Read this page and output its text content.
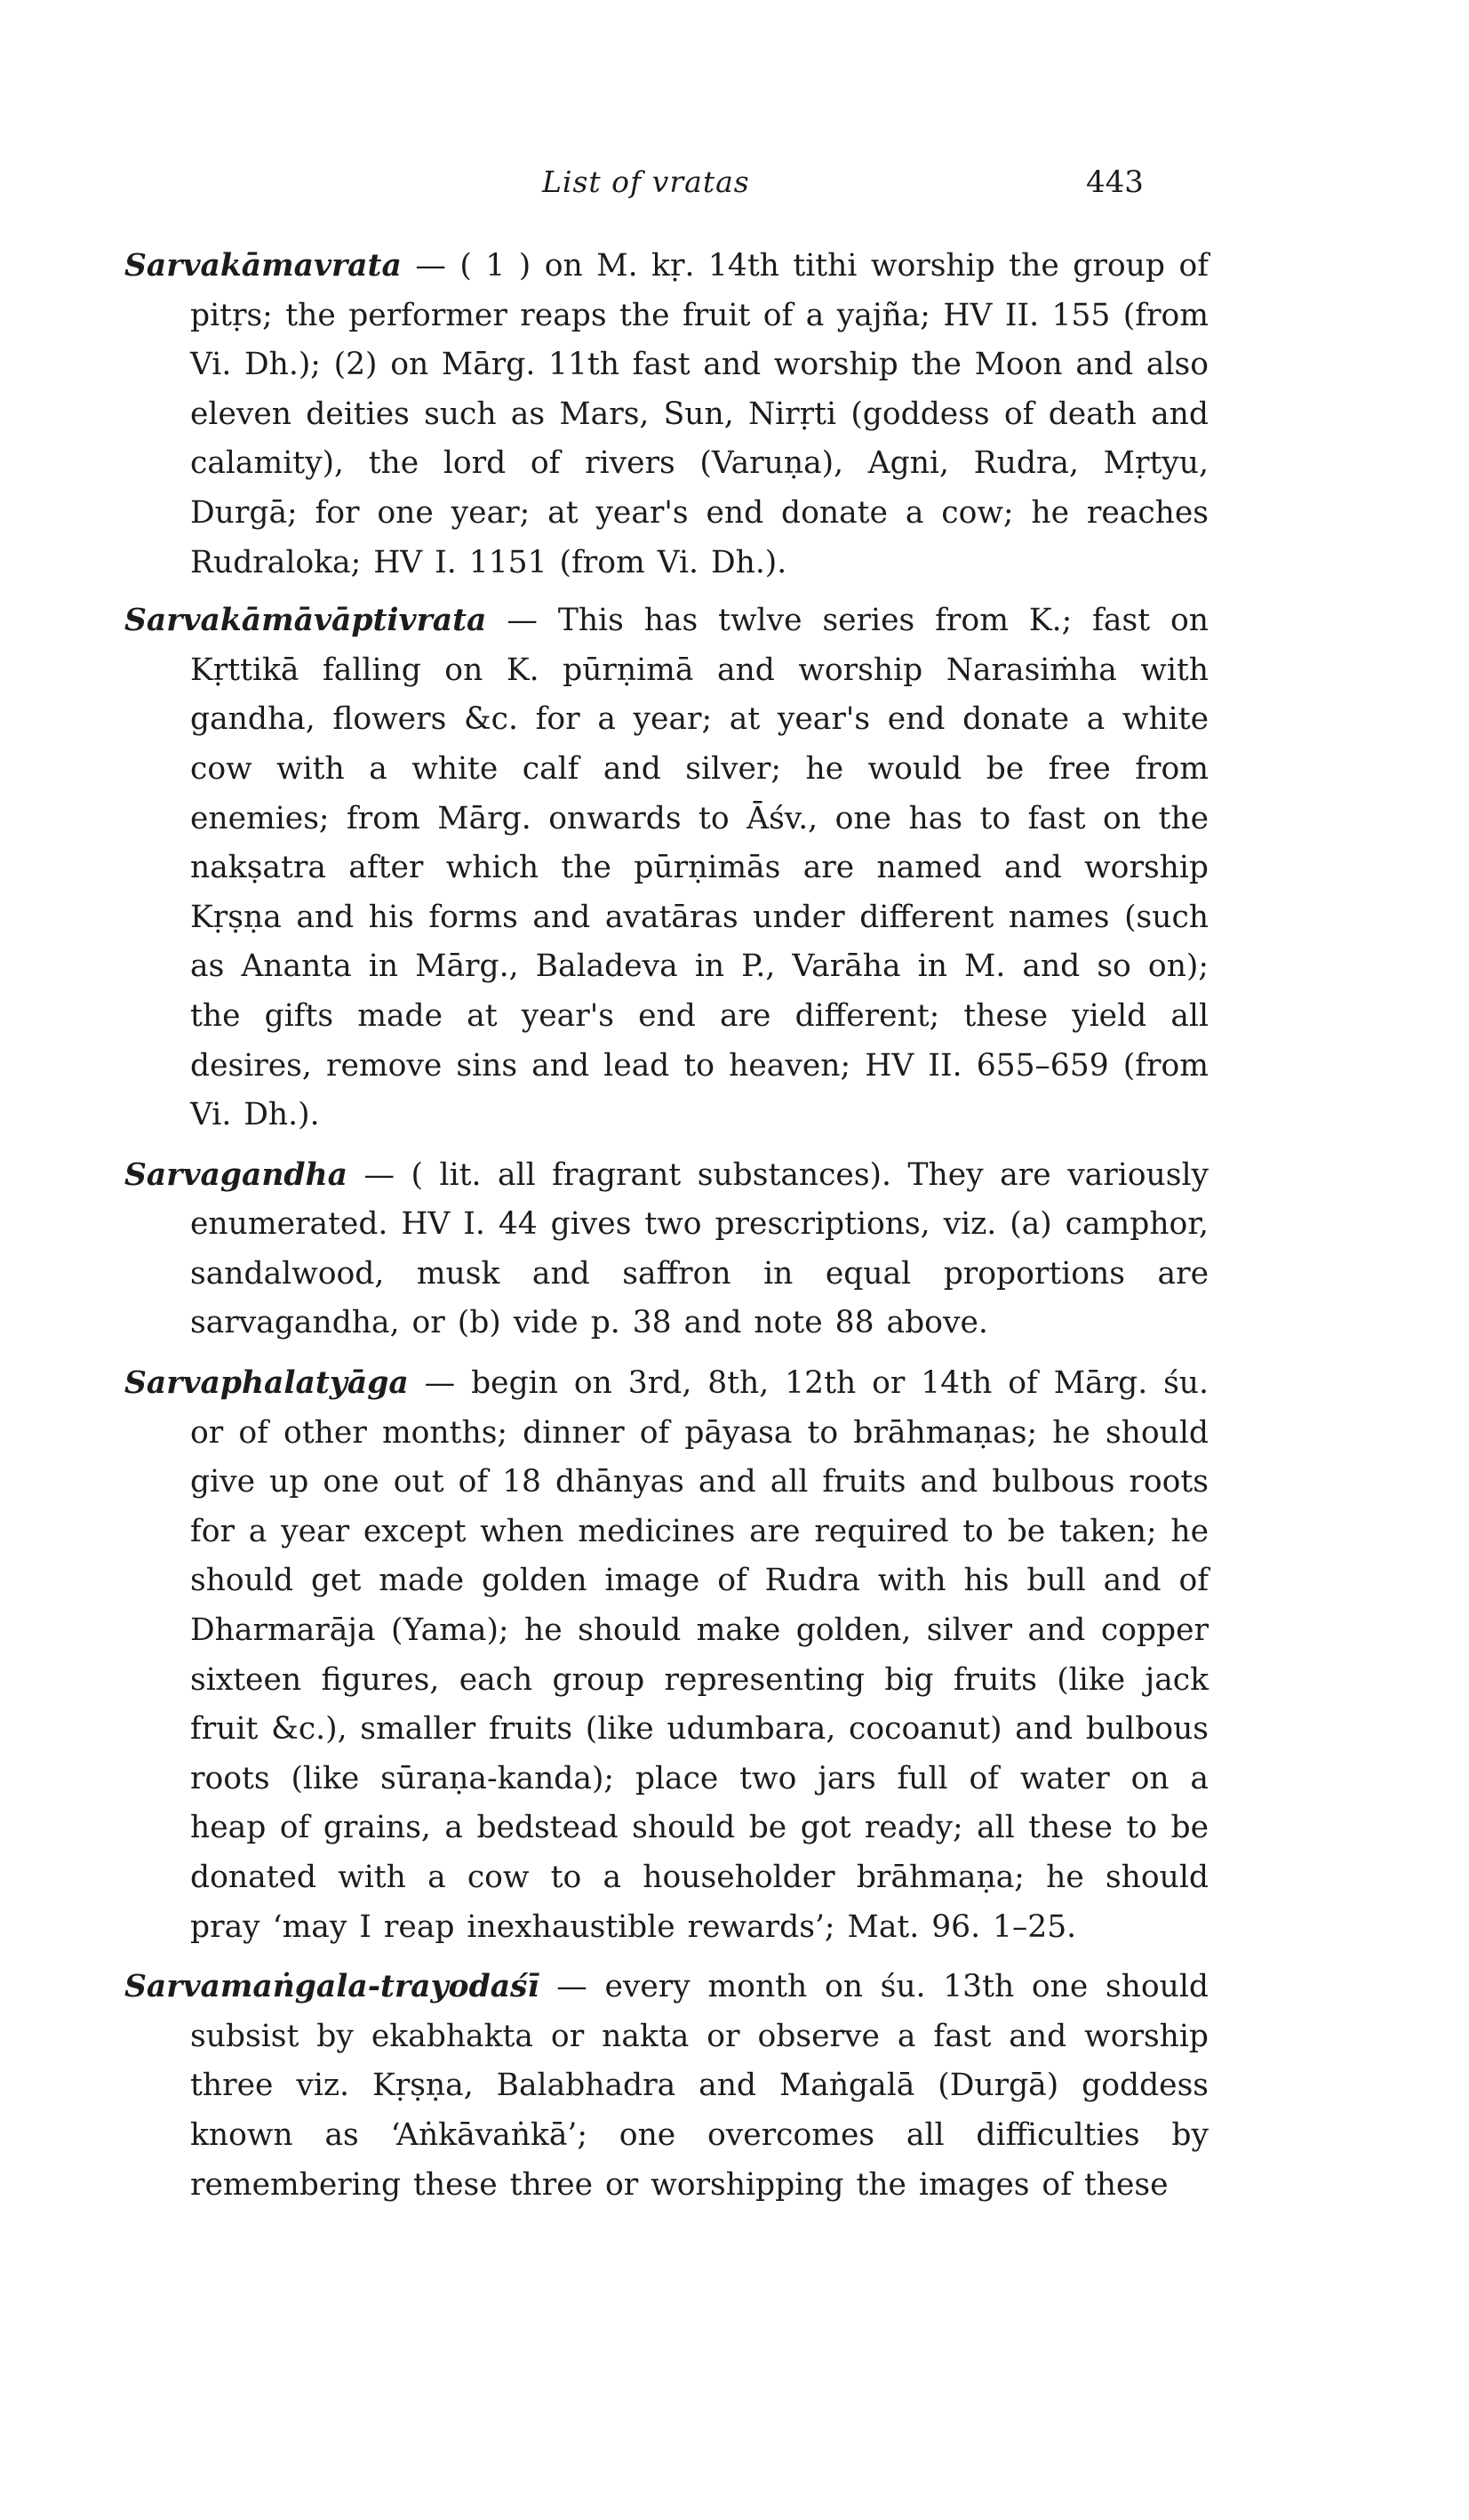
List of vratas	443

Sarvakāmavrata — ( 1 ) on M. kṛ. 14th tithi worship the group of pitṛs; the performer reaps the fruit of a yajña; HV II. 155 (from Vi. Dh.); (2) on Mārg. 11th fast and worship the Moon and also eleven deities such as Mars, Sun, Nirṛti (goddess of death and calamity), the lord of rivers (Varuṇa), Agni, Rudra, Mṛtyu, Durgā; for one year; at year's end donate a cow; he reaches Rudraloka; HV I. 1151 (from Vi. Dh.).

Sarvakāmāvāptivrata — This has twlve series from K.; fast on Kṛttikā falling on K. pūrṇimā and worship Narasiṁha with gandha, flowers &c. for a year; at year's end donate a white cow with a white calf and silver; he would be free from enemies; from Mārg. onwards to Āśv., one has to fast on the nakṣatra after which the pūrṇimās are named and worship Kṛṣṇa and his forms and avatāras under different names (such as Ananta in Mārg., Baladeva in P., Varāha in M. and so on); the gifts made at year's end are different; these yield all desires, remove sins and lead to heaven; HV II. 655–659 (from Vi. Dh.).

Sarvagandha — ( lit. all fragrant substances). They are variously enumerated. HV I. 44 gives two prescriptions, viz. (a) camphor, sandalwood, musk and saffron in equal proportions are sarvagandha, or (b) vide p. 38 and note 88 above.

Sarvaphalatyāga — begin on 3rd, 8th, 12th or 14th of Mārg. śu. or of other months; dinner of pāyasa to brāhmaṇas; he should give up one out of 18 dhānyas and all fruits and bulbous roots for a year except when medicines are required to be taken; he should get made golden image of Rudra with his bull and of Dharmarāja (Yama); he should make golden, silver and copper sixteen figures, each group representing big fruits (like jack fruit &c.), smaller fruits (like udumbara, cocoanut) and bulbous roots (like sūraṇa-kanda); place two jars full of water on a heap of grains, a bedstead should be got ready; all these to be donated with a cow to a householder brāhmaṇa; he should pray ‘may I reap inexhaustible rewards’; Mat. 96. 1–25.

Sarvamaṅgala-trayodaśī — every month on śu. 13th one should subsist by ekabhakta or nakta or observe a fast and worship three viz. Kṛṣṇa, Balabhadra and Maṅgalā (Durgā) goddess known as ‘Aṅkāvaṅkā’; one overcomes all difficulties by remembering these three or worshipping the images of these
